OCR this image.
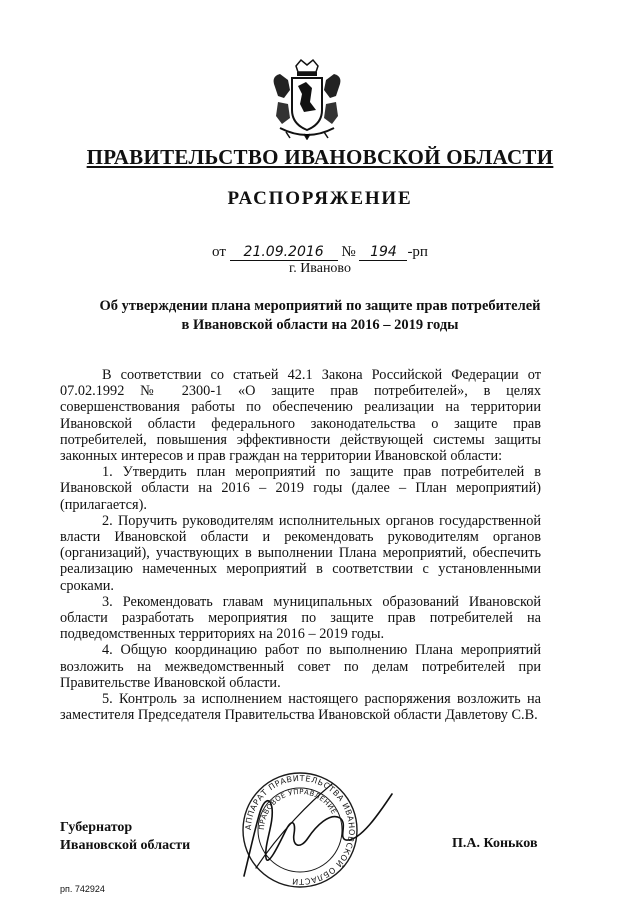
ПРАВИТЕЛЬСТВО ИВАНОВСКОЙ ОБЛАСТИ
РАСПОРЯЖЕНИЕ
от 21.09.2016 № 194 -рп
г. Иваново
Об утверждении плана мероприятий по защите прав потребителей
в Ивановской области на 2016 – 2019 годы

В соответствии со статьей 42.1 Закона Российской Федерации от 07.02.1992 № 2300-1 «О защите прав потребителей», в целях совершенствования работы по обеспечению реализации на территории Ивановской области федерального законодательства о защите прав потребителей, повышения эффективности действующей системы защиты законных интересов и прав граждан на территории Ивановской области:

1. Утвердить план мероприятий по защите прав потребителей в Ивановской области на 2016 – 2019 годы (далее – План мероприятий) (прилагается).

2. Поручить руководителям исполнительных органов государственной власти Ивановской области и рекомендовать руководителям органов (организаций), участвующих в выполнении Плана мероприятий, обеспечить реализацию намеченных мероприятий в соответствии с установленными сроками.

3. Рекомендовать главам муниципальных образований Ивановской области разработать мероприятия по защите прав потребителей на подведомственных территориях на 2016 – 2019 годы.

4. Общую координацию работ по выполнению Плана мероприятий возложить на межведомственный совет по делам потребителей при Правительстве Ивановской области.

5. Контроль за исполнением настоящего распоряжения возложить на заместителя Председателя Правительства Ивановской области Давлетову С.В.

АППАРАТ ПРАВИТЕЛЬСТВА ИВАНОВСКОЙ ОБЛАСТИ
ПРАВОВОЕ УПРАВЛЕНИЕ
Губернатор
Ивановской области	П.А. Коньков
рп. 742924
